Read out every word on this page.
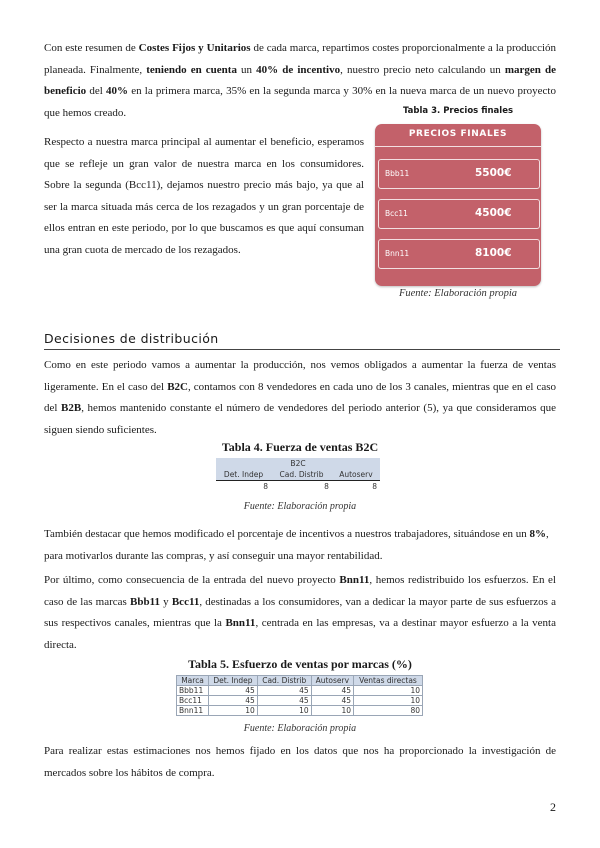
Con este resumen de Costes Fijos y Unitarios de cada marca, repartimos costes proporcionalmente a la producción planeada. Finalmente, teniendo en cuenta un 40% de incentivo, nuestro precio neto calculando un margen de beneficio del 40% en la primera marca, 35% en la segunda marca y 30% en la nueva marca de un nuevo proyecto que hemos creado.

Respecto a nuestra marca principal al aumentar el beneficio, esperamos que se refleje un gran valor de nuestra marca en los consumidores. Sobre la segunda (Bcc11), dejamos nuestro precio más bajo, ya que al ser la marca situada más cerca de los rezagados y un gran porcentaje de ellos entran en este periodo, por lo que buscamos es que aquí consuman una gran cuota de mercado de los rezagados.

Tabla 3. Precios finales
PRECIOS FINALES
Bbb11	5500€
Bcc11	4500€
Bnn11	8100€
Fuente: Elaboración propia
Decisiones de distribución

Como en este periodo vamos a aumentar la producción, nos vemos obligados a aumentar la fuerza de ventas ligeramente. En el caso del B2C, contamos con 8 vendedores en cada uno de los 3 canales, mientras que en el caso del B2B, hemos mantenido constante el número de vendedores del periodo anterior (5), ya que consideramos que siguen siendo suficientes.

Tabla 4. Fuerza de ventas B2C
B2C		
Det. Indep	Cad. Distrib	Autoserv
8	8	8
Fuente: Elaboración propia

También destacar que hemos modificado el porcentaje de incentivos a nuestros trabajadores, situándose en un 8%, para motivarlos durante las compras, y así conseguir una mayor rentabilidad.

Por último, como consecuencia de la entrada del nuevo proyecto Bnn11, hemos redistribuido los esfuerzos. En el caso de las marcas Bbb11 y Bcc11, destinadas a los consumidores, van a dedicar la mayor parte de sus esfuerzos a sus respectivos canales, mientras que la Bnn11, centrada en las empresas, va a destinar mayor esfuerzo a la venta directa.

Tabla 5. Esfuerzo de ventas por marcas (%)
Marca	Det. Indep	Cad. Distrib	Autoserv	Ventas directas
Bbb11	45	45	45	10
Bcc11	45	45	45	10
Bnn11	10	10	10	80
Fuente: Elaboración propia

Para realizar estas estimaciones nos hemos fijado en los datos que nos ha proporcionado la investigación de mercados sobre los hábitos de compra.

2
